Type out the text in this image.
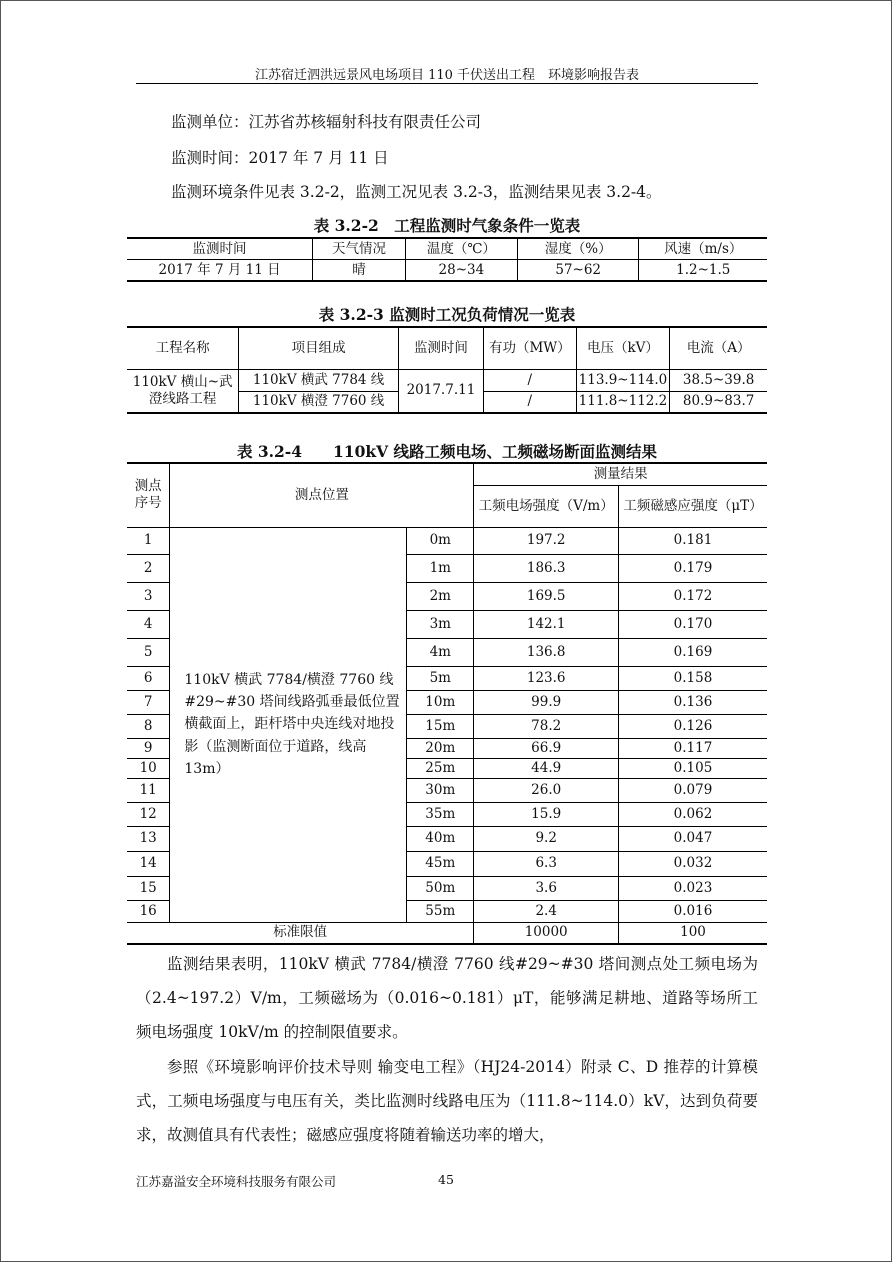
江苏宿迁泗洪远景风电场项目 110 千伏送出工程　环境影响报告表
监测单位：江苏省苏核辐射科技有限责任公司
监测时间：2017 年 7 月 11 日
监测环境条件见表 3.2-2，监测工况见表 3.2-3，监测结果见表 3.2-4。
表 3.2-2　工程监测时气象条件一览表
监测时间	天气情况	温度（℃）	湿度（%）	风速（m/s）
2017 年 7 月 11 日	晴	28~34	57~62	1.2~1.5
表 3.2-3 监测时工况负荷情况一览表
工程名称	项目组成	监测时间	有功（MW）	电压（kV）	电流（A）
110kV 横山~武澄线路工程	110kV 横武 7784 线	2017.7.11	/	113.9~114.0	38.5~39.8
	110kV 横澄 7760 线		/	111.8~112.2	80.9~83.7
表 3.2-4　　110kV 线路工频电场、工频磁场断面监测结果
测点序号	测点位置		测量结果	
			工频电场强度（V/m）	工频磁感应强度（μT）
1	110kV 横武 7784/横澄 7760 线#29~#30 塔间线路弧垂最低位置横截面上，距杆塔中央连线对地投影（监测断面位于道路，线高 13m）	0m	197.2	0.181
2		1m	186.3	0.179
3		2m	169.5	0.172
4		3m	142.1	0.170
5		4m	136.8	0.169
6		5m	123.6	0.158
7		10m	99.9	0.136
8		15m	78.2	0.126
9		20m	66.9	0.117
10		25m	44.9	0.105
11		30m	26.0	0.079
12		35m	15.9	0.062
13		40m	9.2	0.047
14		45m	6.3	0.032
15		50m	3.6	0.023
16		55m	2.4	0.016
标准限值			10000	100
监测结果表明，110kV 横武 7784/横澄 7760 线#29~#30 塔间测点处工频电场为（2.4~197.2）V/m，工频磁场为（0.016~0.181）μT，能够满足耕地、道路等场所工频电场强度 10kV/m 的控制限值要求。
参照《环境影响评价技术导则 输变电工程》（HJ24-2014）附录 C、D 推荐的计算模式，工频电场强度与电压有关，类比监测时线路电压为（111.8~114.0）kV，达到负荷要求，故测值具有代表性；磁感应强度将随着输送功率的增大，
江苏嘉溢安全环境科技服务有限公司	45
